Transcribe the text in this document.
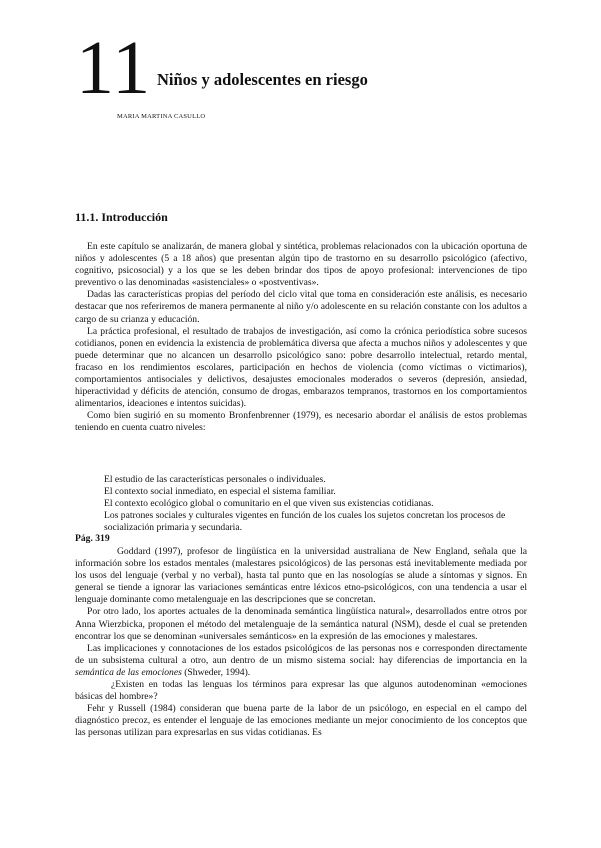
11 Niños y adolescentes en riesgo
MARIA MARTINA CASULLO
11.1. Introducción

En este capítulo se analizarán, de manera global y sintética, problemas relacionados con la ubicación oportuna de niños y adolescentes (5 a 18 años) que presentan algún tipo de trastorno en su desarrollo psicológico (afectivo, cognitivo, psicosocial) y a los que se les deben brindar dos tipos de apoyo profesional: intervenciones de tipo preventivo o las denominadas «asistenciales» o «postventivas».

Dadas las características propias del período del ciclo vital que toma en consideración este análisis, es necesario destacar que nos referiremos de manera permanente al niño y/o adolescente en su relación constante con los adultos a cargo de su crianza y educación.

La práctica profesional, el resultado de trabajos de investigación, así como la crónica periodística sobre sucesos cotidianos, ponen en evidencia la existencia de problemática diversa que afecta a muchos niños y adolescentes y que puede determinar que no alcancen un desarrollo psicológico sano: pobre desarrollo intelectual, retardo mental, fracaso en los rendimientos escolares, participación en hechos de violencia (como víctimas o victimarios), comportamientos antisociales y delictivos, desajustes emocionales moderados o severos (depresión, ansiedad, hiperactividad y déficits de atención, consumo de drogas, embarazos tempranos, trastornos en los comportamientos alimentarios, ideaciones e intentos suicidas).

Como bien sugirió en su momento Bronfenbrenner (1979), es necesario abordar el análisis de estos problemas teniendo en cuenta cuatro niveles:

El estudio de las características personales o individuales.

El contexto social inmediato, en especial el sistema familiar.

El contexto ecológico global o comunitario en el que viven sus existencias cotidianas.

Los patrones sociales y culturales vigentes en función de los cuales los sujetos concretan los procesos de socialización primaria y secundaria.

Pág. 319

Goddard (1997), profesor de lingüística en la universidad australiana de New England, señala que la información sobre los estados mentales (malestares psicológicos) de las personas está inevitablemente mediada por los usos del lenguaje (verbal y no verbal), hasta tal punto que en las nosologías se alude a síntomas y signos. En general se tiende a ignorar las variaciones semánticas entre léxicos etno-psicológicos, con una tendencia a usar el lenguaje dominante como metalenguaje en las descripciones que se concretan.

Por otro lado, los aportes actuales de la denominada semántica lingüística natural», desarrollados entre otros por Anna Wierzbicka, proponen el método del metalenguaje de la semántica natural (NSM), desde el cual se pretenden encontrar los que se denominan «universales semánticos» en la expresión de las emociones y malestares.

Las implicaciones y connotaciones de los estados psicológicos de las personas nos e corresponden directamente de un subsistema cultural a otro, aun dentro de un mismo sistema social: hay diferencias de importancia en la semántica de las emociones (Shweder, 1994).

¿Existen en todas las lenguas los términos para expresar las que algunos autodenominan «emociones básicas del hombre»?

Fehr y Russell (1984) consideran que buena parte de la labor de un psicólogo, en especial en el campo del diagnóstico precoz, es entender el lenguaje de las emociones mediante un mejor conocimiento de los conceptos que las personas utilizan para expresarlas en sus vidas cotidianas. Es
